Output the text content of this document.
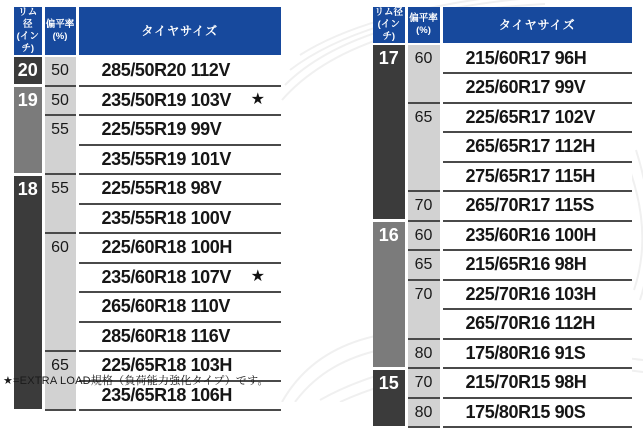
リム径
(インチ)

偏平率
(%)	タイヤサイズ
20	50	285/50R20 112V

19	50	235/50R19 103V ★

	55	225/55R19 99V

		235/55R19 101V

18	55	225/55R18 98V

		235/55R18 100V

	60	225/60R18 100H

		235/60R18 107V ★

		265/60R18 110V

		285/60R18 116V

	65	225/65R18 103H

		235/65R18 106H
リム径
(インチ)

偏平率
(%)	タイヤサイズ
17	60	215/60R17 96H

		225/60R17 99V

	65	225/65R17 102V

		265/65R17 112H

		275/65R17 115H

	70	265/70R17 115S

16	60	235/60R16 100H

	65	215/65R16 98H

	70	225/70R16 103H

		265/70R16 112H

	80	175/80R16 91S

15	70	215/70R15 98H

	80	175/80R15 90S
★=EXTRA LOAD規格（負荷能力強化タイプ）です。
